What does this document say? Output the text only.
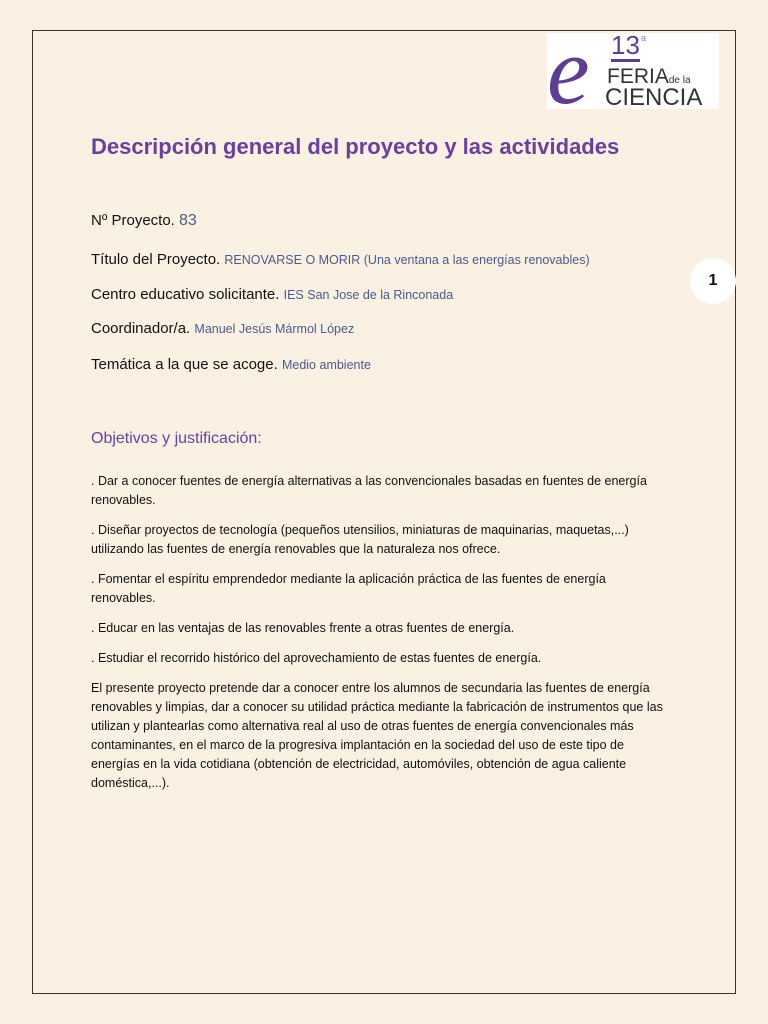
e 13 a
FERIAde la
CIENCIA
Descripción general del proyecto y las actividades
Nº Proyecto. 83
Título del Proyecto. RENOVARSE O MORIR (Una ventana a las energías renovables)
Centro educativo solicitante. IES San Jose de la Rinconada
Coordinador/a. Manuel Jesús Mármol López
Temática a la que se acoge. Medio ambiente
1
Objetivos y justificación:

. Dar a conocer fuentes de energía alternativas a las convencionales basadas en fuentes de energía renovables.

. Diseñar proyectos de tecnología (pequeños utensilios, miniaturas de maquinarias, maquetas,...) utilizando las fuentes de energía renovables que la naturaleza nos ofrece.

. Fomentar el espíritu emprendedor mediante la aplicación práctica de las fuentes de energía renovables.

. Educar en las ventajas de las renovables frente a otras fuentes de energía.

. Estudiar el recorrido histórico del aprovechamiento de estas fuentes de energía.

El presente proyecto pretende dar a conocer entre los alumnos de secundaria las fuentes de energía renovables y limpias, dar a conocer su utilidad práctica mediante la fabricación de instrumentos que las utilizan y plantearlas como alternativa real al uso de otras fuentes de energía convencionales más contaminantes, en el marco de la progresiva implantación en la sociedad del uso de este tipo de energías en la vida cotidiana (obtención de electricidad, automóviles, obtención de agua caliente doméstica,...).
